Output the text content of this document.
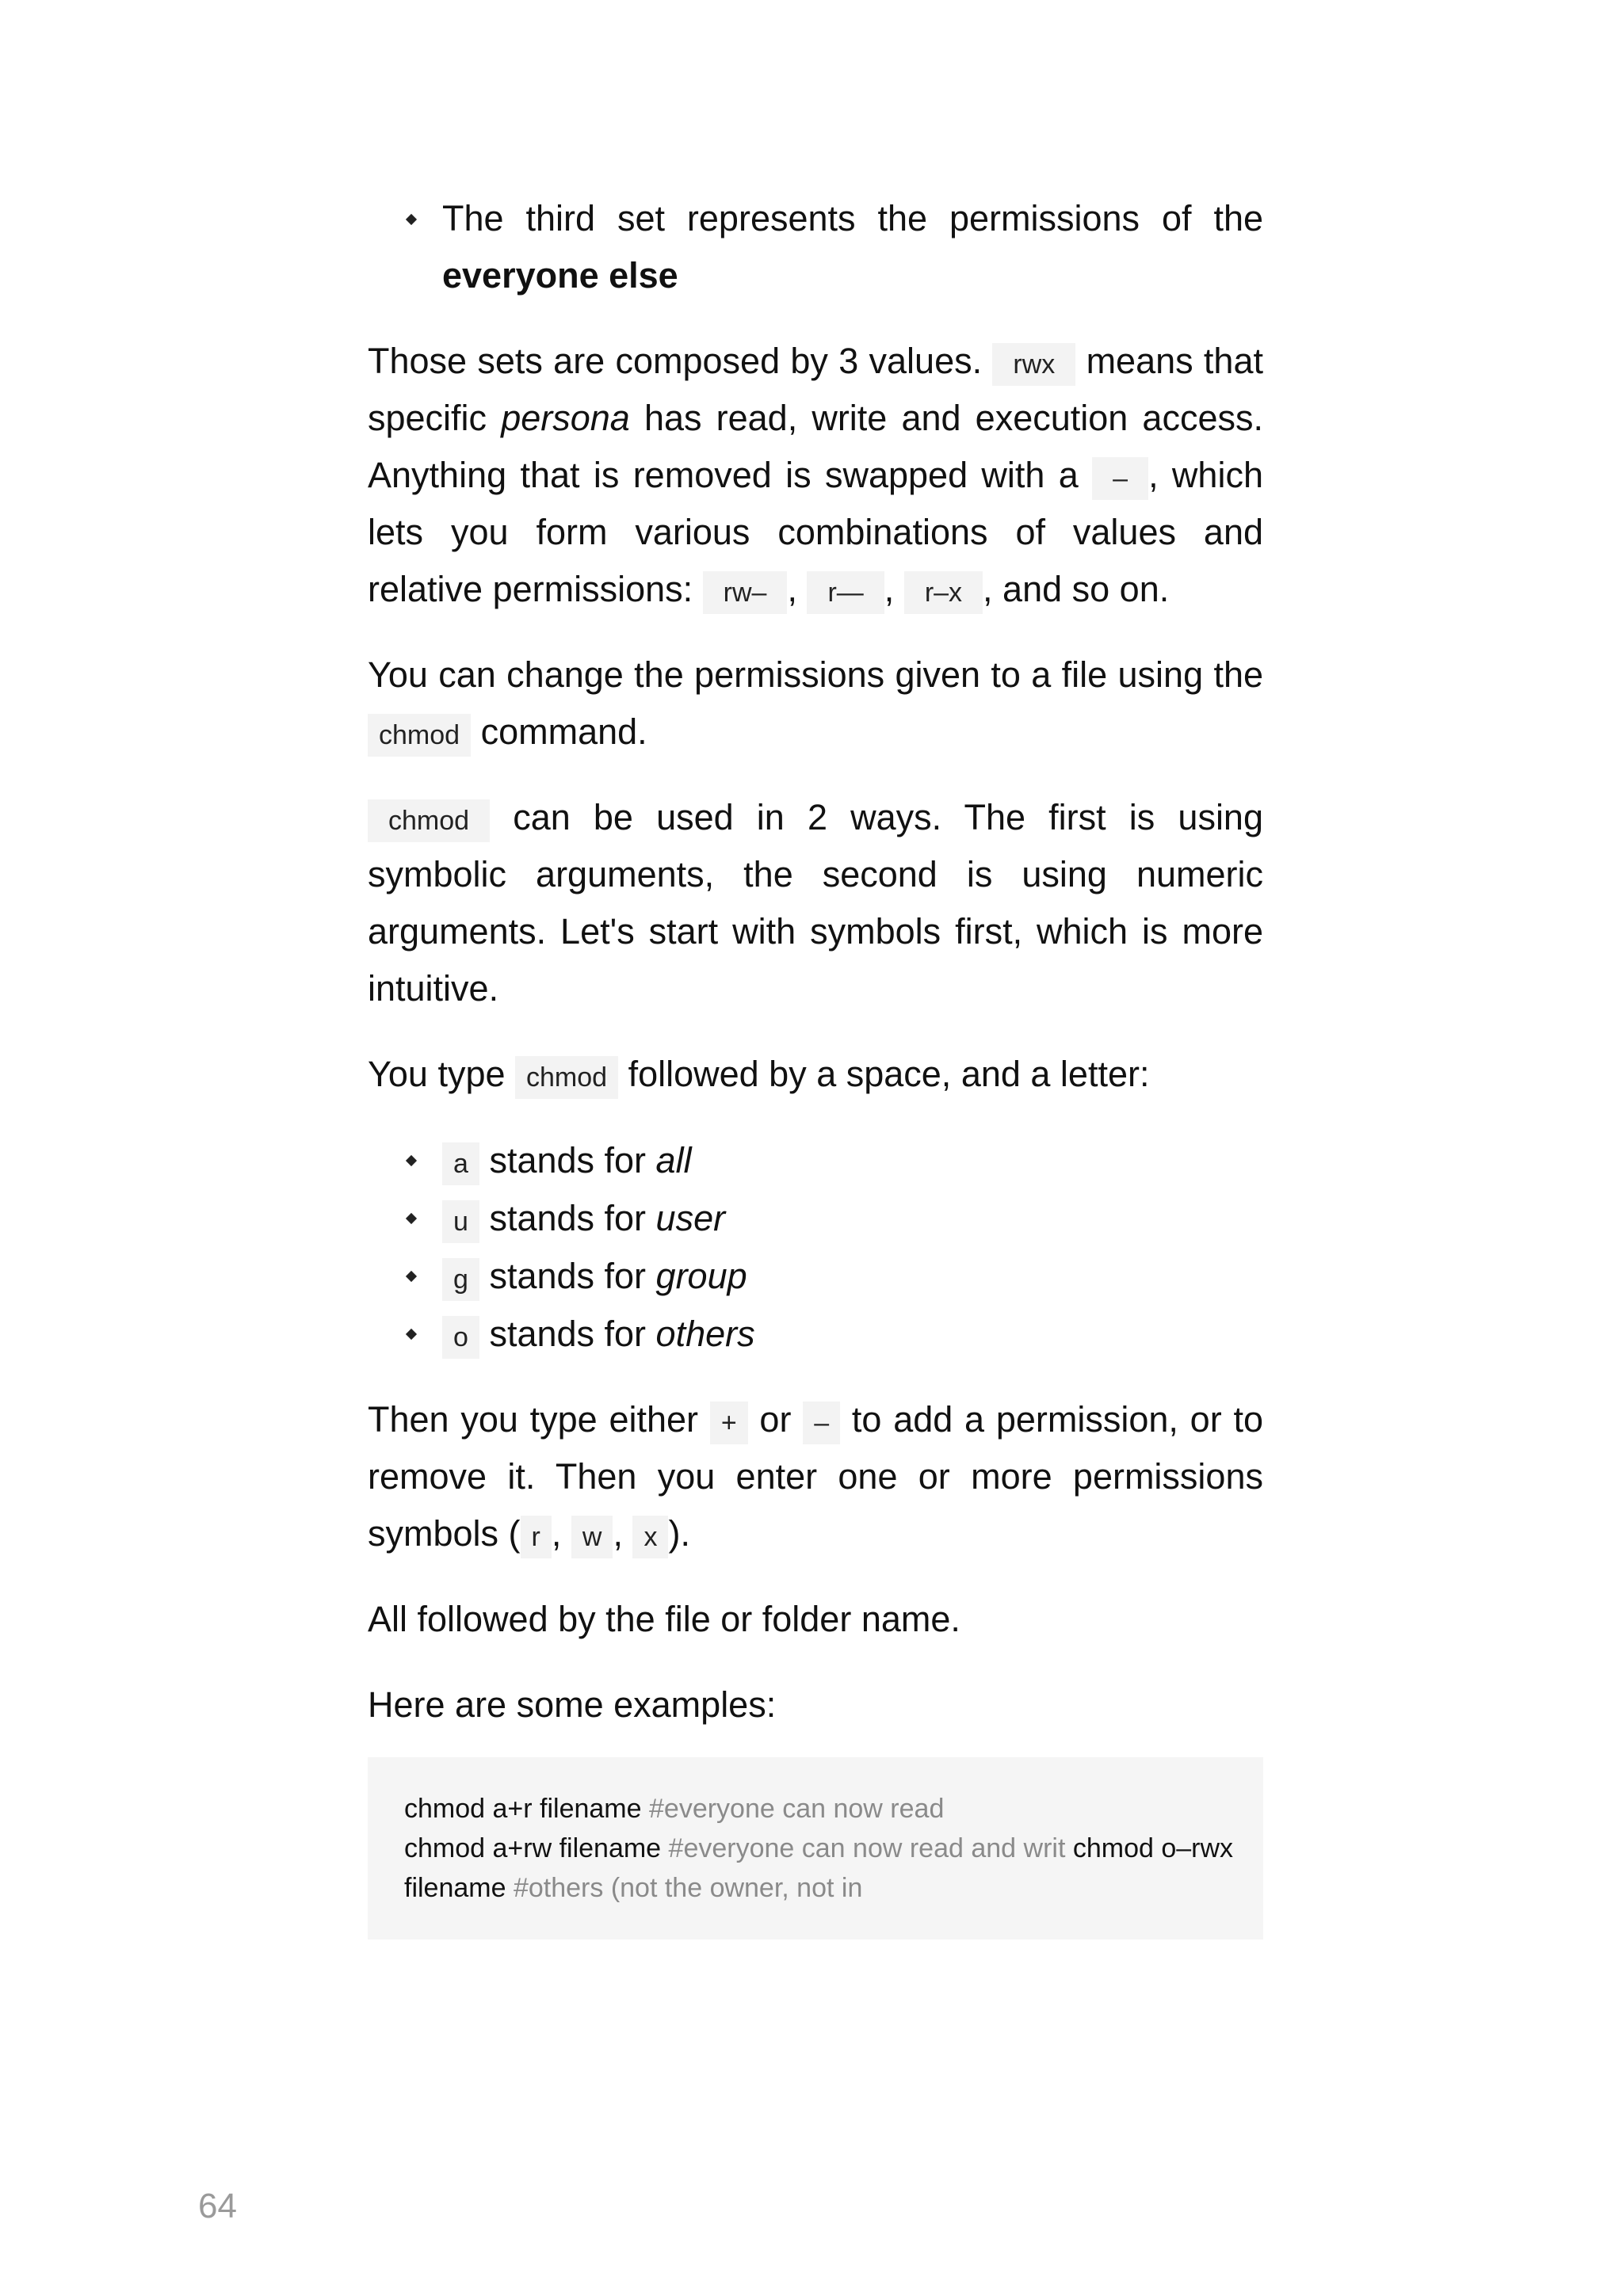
The third set represents the permissions of the everyone else

Those sets are composed by 3 values. rwx means that specific persona has read, write and execution access. Anything that is removed is swapped with a – , which lets you form various combinations of values and relative permissions: rw– , r— , r–x , and so on.

You can change the permissions given to a file using the chmod command.

chmod can be used in 2 ways. The first is using symbolic arguments, the second is using numeric arguments. Let's start with symbols first, which is more intuitive.

You type chmod followed by a space, and a letter:

a stands for all
u stands for user
g stands for group
o stands for others

Then you type either + or – to add a permission, or to remove it. Then you enter one or more permissions symbols ( r , w , x ).

All followed by the file or folder name.

Here are some examples:

chmod a+r filename #everyone can now read
chmod a+rw filename #everyone can now read and writ chmod o–rwx
filename #others (not the owner, not in
64
